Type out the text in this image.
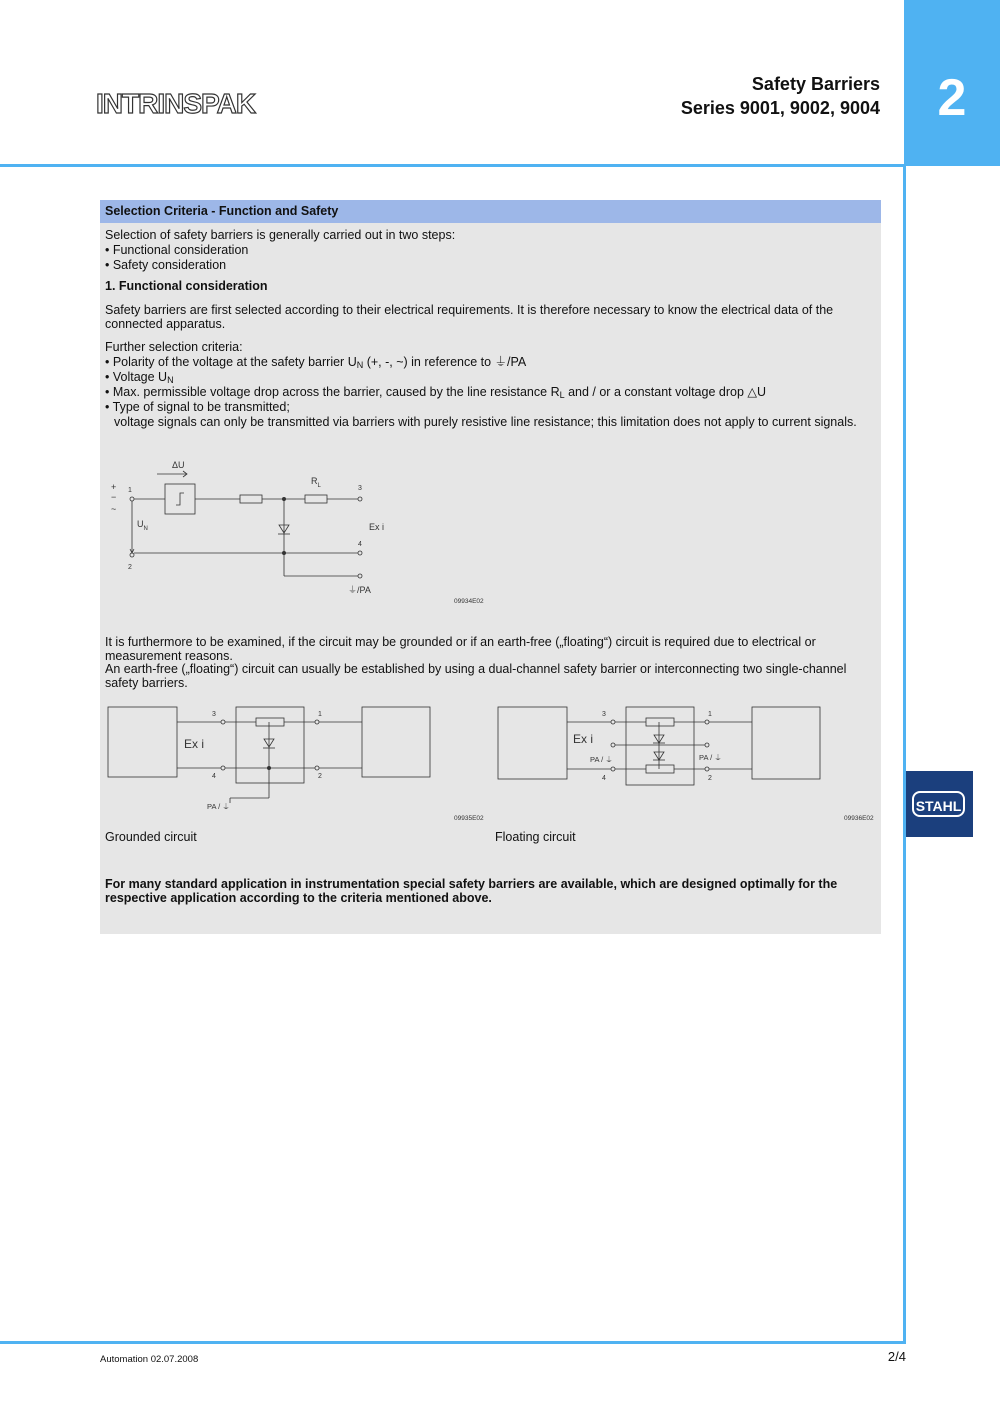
INTRINSPAK
Safety Barriers
Series 9001, 9002, 9004	2
STAHL
Selection Criteria - Function and Safety

Selection of safety barriers is generally carried out in two steps:

• Functional consideration

• Safety consideration

1. Functional consideration
Safety barriers are first selected according to their electrical requirements. It is therefore necessary to know the electrical data of the connected apparatus.

Further selection criteria:

• Polarity of the voltage at the safety barrier $U_N$ (+, -, ~) in reference to ⏚/PA

• Voltage $U_N$

• Max. permissible voltage drop across the barrier, caused by the line resistance $R_L$ and / or a constant voltage drop △U

• Type of signal to be transmitted;

voltage signals can only be transmitted via barriers with purely resistive line resistance; this limitation does not apply to current signals.

ΔU
+
−
~
1
$R_L$	3
$U_N$
2
4
Ex i
⏚/PA
09934E02
It is furthermore to be examined, if the circuit may be grounded or if an earth-free („floating“) circuit is required due to electrical or measurement reasons.
An earth-free („floating“) circuit can usually be established by using a dual-channel safety barrier or interconnecting two single-channel safety barriers.
Ex i
3
4
1
2
PA / ⏚
09935E02
Grounded circuit
Ex i
3
4
PA / ⏚
1
2
PA / ⏚
09936E02
Floating circuit
For many standard application in instrumentation special safety barriers are available, which are designed optimally for the respective application according to the criteria mentioned above.
Automation 02.07.2008	2/4
